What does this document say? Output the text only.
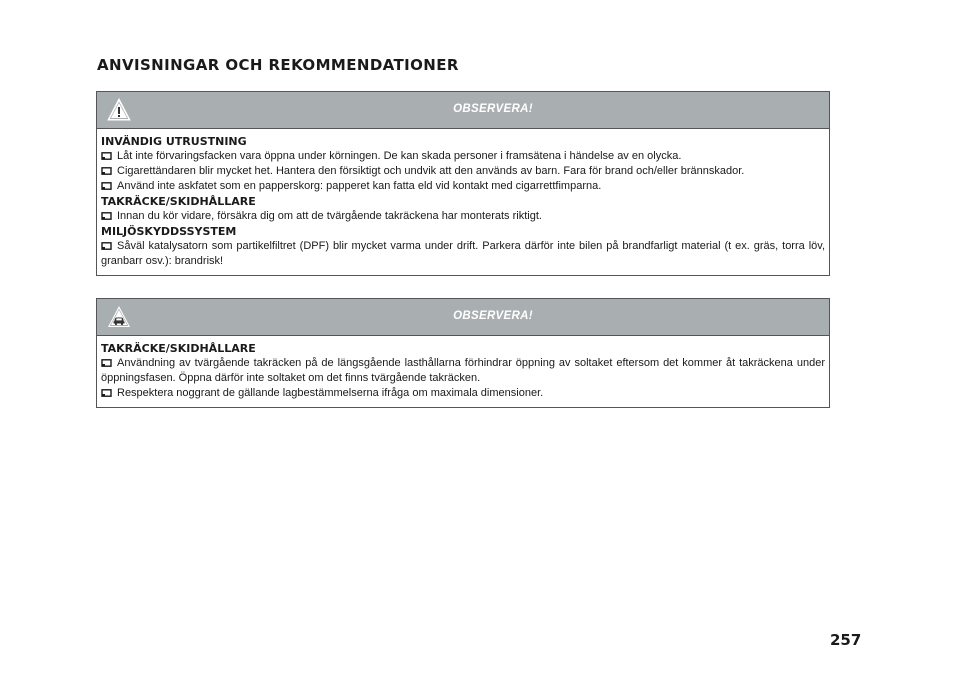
ANVISNINGAR OCH REKOMMENDATIONER
OBSERVERA!
INVÄNDIG UTRUSTNING

Låt inte förvaringsfacken vara öppna under körningen. De kan skada personer i framsätena i händelse av en olycka.

Cigarettändaren blir mycket het. Hantera den försiktigt och undvik att den används av barn. Fara för brand och/eller brännskador.

Använd inte askfatet som en papperskorg: papperet kan fatta eld vid kontakt med cigarrettfimparna.

TAKRÄCKE/SKIDHÅLLARE

Innan du kör vidare, försäkra dig om att de tvärgående takräckena har monterats riktigt.

MILJÖSKYDDSSYSTEM

Såväl katalysatorn som partikelfiltret (DPF) blir mycket varma under drift. Parkera därför inte bilen på brandfarligt material (t ex. gräs, torra löv, granbarr osv.): brandrisk!

OBSERVERA!
TAKRÄCKE/SKIDHÅLLARE

Användning av tvärgående takräcken på de längsgående lasthållarna förhindrar öppning av soltaket eftersom det kommer åt takräckena under öppningsfasen. Öppna därför inte soltaket om det finns tvärgående takräcken.

Respektera noggrant de gällande lagbestämmelserna ifråga om maximala dimensioner.

257
